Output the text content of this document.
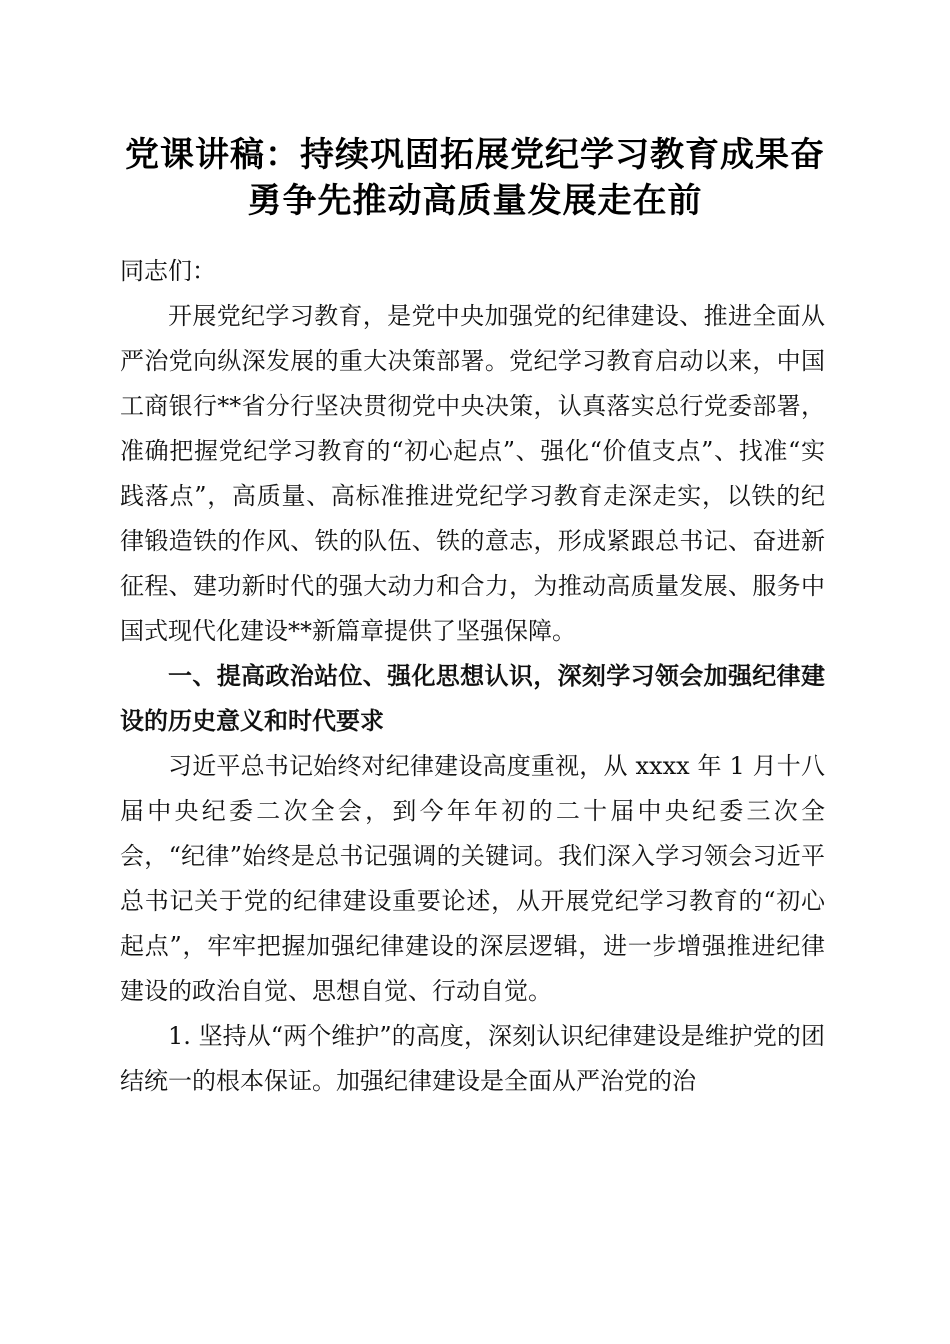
党课讲稿：持续巩固拓展党纪学习教育成果奋
勇争先推动高质量发展走在前

同志们：

开展党纪学习教育，是党中央加强党的纪律建设、推进全面从严治党向纵深发展的重大决策部署。党纪学习教育启动以来，中国工商银行**省分行坚决贯彻党中央决策，认真落实总行党委部署，准确把握党纪学习教育的“初心起点”、强化“价值支点”、找准“实践落点”，高质量、高标准推进党纪学习教育走深走实，以铁的纪律锻造铁的作风、铁的队伍、铁的意志，形成紧跟总书记、奋进新征程、建功新时代的强大动力和合力，为推动高质量发展、服务中国式现代化建设**新篇章提供了坚强保障。

一、提高政治站位、强化思想认识，深刻学习领会加强纪律建设的历史意义和时代要求

习近平总书记始终对纪律建设高度重视，从 xxxx 年 1 月十八届中央纪委二次全会，到今年年初的二十届中央纪委三次全会，“纪律”始终是总书记强调的关键词。我们深入学习领会习近平总书记关于党的纪律建设重要论述，从开展党纪学习教育的“初心起点”，牢牢把握加强纪律建设的深层逻辑，进一步增强推进纪律建设的政治自觉、思想自觉、行动自觉。

1. 坚持从“两个维护”的高度，深刻认识纪律建设是维护党的团结统一的根本保证。加强纪律建设是全面从严治党的治
